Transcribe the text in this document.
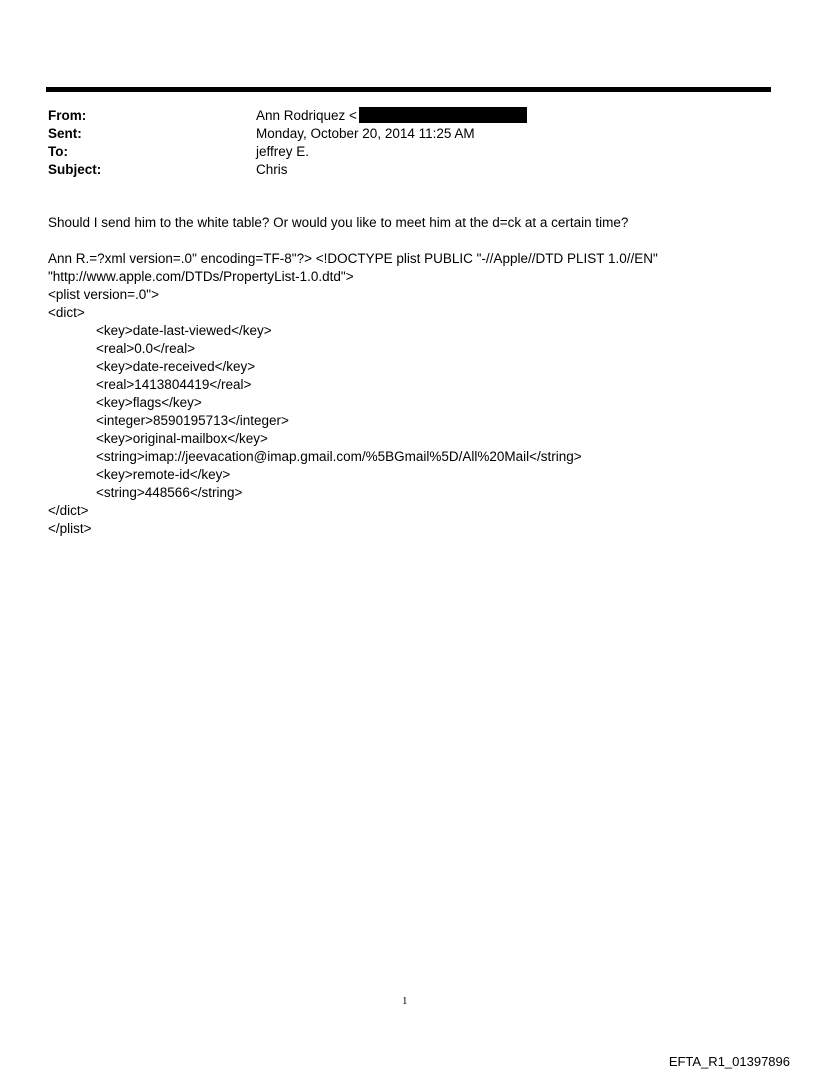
From:	Ann Rodriquez <
Sent:	Monday, October 20, 2014 11:25 AM
To:	jeffrey E.
Subject:	Chris

Should I send him to the white table? Or would you like to meet him at the d=ck at a certain time?

Ann R.=?xml version=.0" encoding=TF-8"?> <!DOCTYPE plist PUBLIC "-//Apple//DTD PLIST 1.0//EN"

"http://www.apple.com/DTDs/PropertyList-1.0.dtd">

<plist version=.0">

<dict>

<key>date-last-viewed</key>

<real>0.0</real>

<key>date-received</key>

<real>1413804419</real>

<key>flags</key>

<integer>8590195713</integer>

<key>original-mailbox</key>

<string>imap://jeevacation@imap.gmail.com/%5BGmail%5D/All%20Mail</string>

<key>remote-id</key>

<string>448566</string>

</dict>

</plist>

1
EFTA_R1_01397896
